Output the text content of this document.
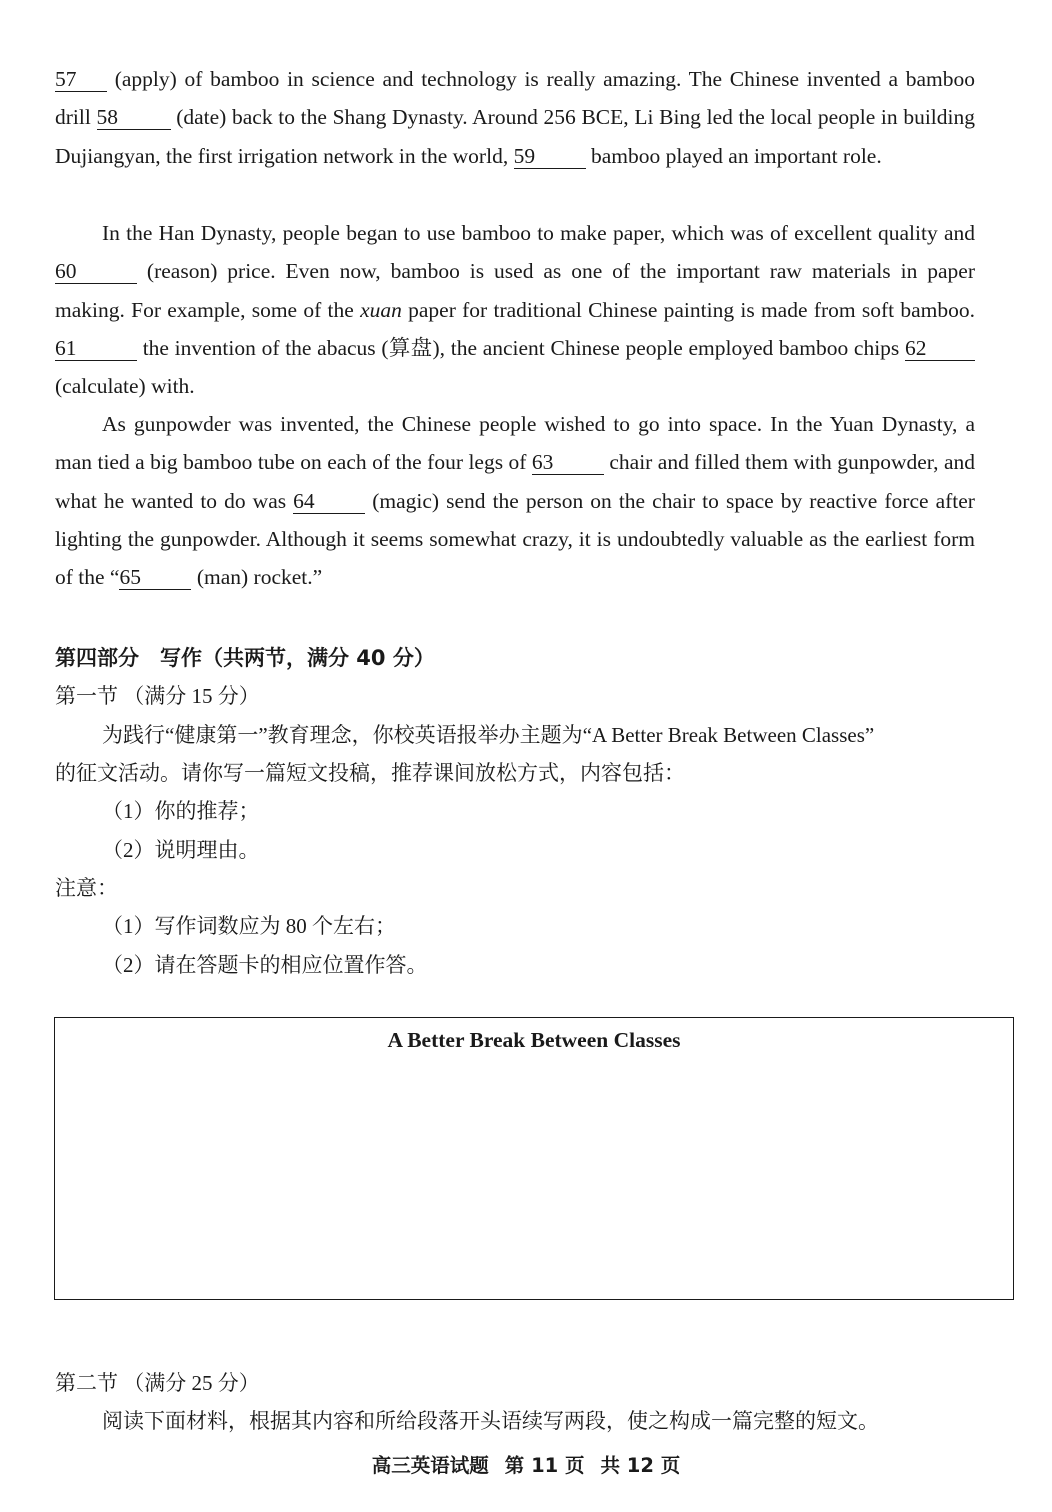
57 (apply) of bamboo in science and technology is really amazing. The Chinese invented a bamboo drill 58 (date) back to the Shang Dynasty. Around 256 BCE, Li Bing led the local people in building Dujiangyan, the first irrigation network in the world, 59 bamboo played an important role.

In the Han Dynasty, people began to use bamboo to make paper, which was of excellent quality and 60	(reason) price. Even now, bamboo is used as one of the important raw materials in paper making. For example, some of the xuan paper for traditional Chinese painting is made from soft bamboo. 61	the invention of the abacus (算盘), the ancient Chinese people employed bamboo chips 62 (calculate) with.

As gunpowder was invented, the Chinese people wished to go into space. In the Yuan Dynasty, a man tied a big bamboo tube on each of the four legs of 63 chair and filled them with gunpowder, and what he wanted to do was 64 (magic) send the person on the chair to space by reactive force after lighting the gunpowder. Although it seems somewhat crazy, it is undoubtedly valuable as the earliest form of the “65 (man) rocket.”

第四部分　写作（共两节，满分 40 分）
第一节 （满分 15 分）
为践行“健康第一”教育理念，你校英语报举办主题为“A Better Break Between Classes”
的征文活动。请你写一篇短文投稿，推荐课间放松方式，内容包括：
（1）你的推荐；
（2）说明理由。
注意：
（1）写作词数应为 80 个左右；
（2）请在答题卡的相应位置作答。
A Better Break Between Classes
第二节 （满分 25 分）
阅读下面材料，根据其内容和所给段落开头语续写两段，使之构成一篇完整的短文。
高三英语试题 第 11 页 共 12 页
